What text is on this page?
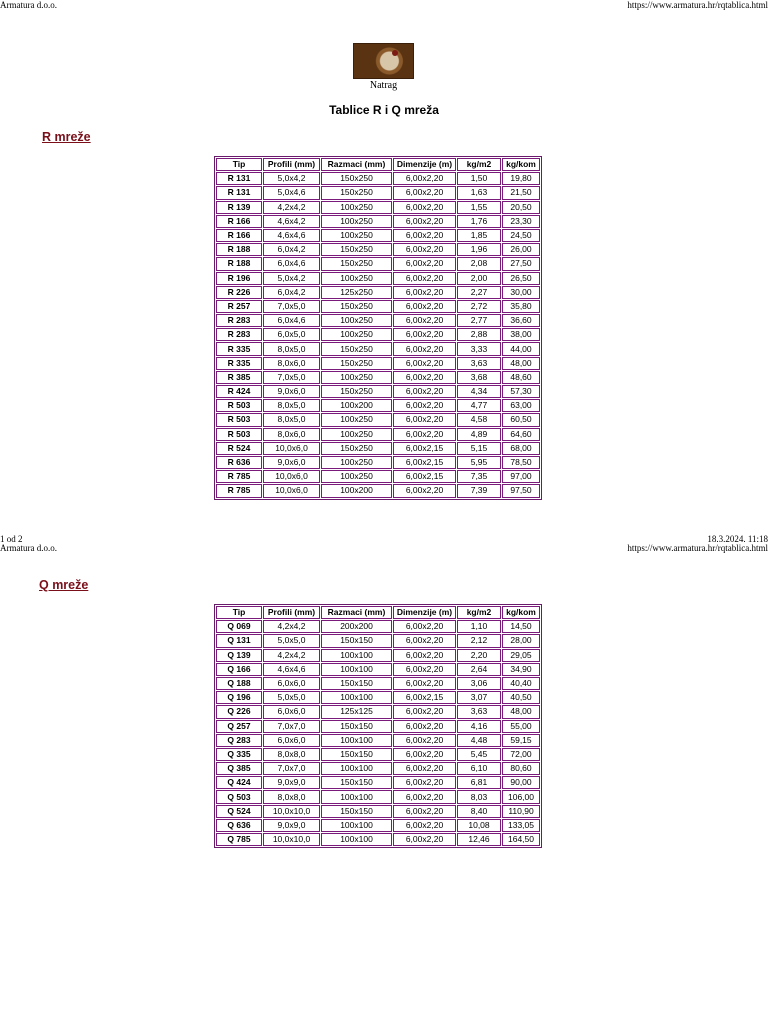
Armatura d.o.o.	https://www.armatura.hr/rqtablica.html
Natrag
Tablice R i Q mreža
R mreže
Tip	Profili (mm)	Razmaci (mm)	Dimenzije (m)	kg/m2	kg/kom
R 131	5,0x4,2	150x250	6,00x2,20	1,50	19,80
R 131	5,0x4,6	150x250	6,00x2,20	1,63	21,50
R 139	4,2x4,2	100x250	6,00x2,20	1,55	20,50
R 166	4,6x4,2	100x250	6,00x2,20	1,76	23,30
R 166	4,6x4,6	100x250	6,00x2,20	1,85	24,50
R 188	6,0x4,2	150x250	6,00x2,20	1,96	26,00
R 188	6,0x4,6	150x250	6,00x2,20	2,08	27,50
R 196	5,0x4,2	100x250	6,00x2,20	2,00	26,50
R 226	6,0x4,2	125x250	6,00x2,20	2,27	30,00
R 257	7,0x5,0	150x250	6,00x2,20	2,72	35,80
R 283	6,0x4,6	100x250	6,00x2,20	2,77	36,60
R 283	6,0x5,0	100x250	6,00x2,20	2,88	38,00
R 335	8,0x5,0	150x250	6,00x2,20	3,33	44,00
R 335	8,0x6,0	150x250	6,00x2,20	3,63	48,00
R 385	7,0x5,0	100x250	6,00x2,20	3,68	48,60
R 424	9,0x6,0	150x250	6,00x2,20	4,34	57,30
R 503	8,0x5,0	100x200	6,00x2,20	4,77	63,00
R 503	8,0x5,0	100x250	6,00x2,20	4,58	60,50
R 503	8,0x6,0	100x250	6,00x2,20	4,89	64,60
R 524	10,0x6,0	150x250	6,00x2,15	5,15	68,00
R 636	9,0x6,0	100x250	6,00x2,15	5,95	78,50
R 785	10,0x6,0	100x250	6,00x2,15	7,35	97,00
R 785	10,0x6,0	100x200	6,00x2,20	7,39	97,50
1 od 2	18.3.2024. 11:18
Armatura d.o.o.	https://www.armatura.hr/rqtablica.html
Q mreže
Tip	Profili (mm)	Razmaci (mm)	Dimenzije (m)	kg/m2	kg/kom
Q 069	4,2x4,2	200x200	6,00x2,20	1,10	14,50
Q 131	5,0x5,0	150x150	6,00x2,20	2,12	28,00
Q 139	4,2x4,2	100x100	6,00x2,20	2,20	29,05
Q 166	4,6x4,6	100x100	6,00x2,20	2,64	34,90
Q 188	6,0x6,0	150x150	6,00x2,20	3,06	40,40
Q 196	5,0x5,0	100x100	6,00x2,15	3,07	40,50
Q 226	6,0x6,0	125x125	6,00x2,20	3,63	48,00
Q 257	7,0x7,0	150x150	6,00x2,20	4,16	55,00
Q 283	6,0x6,0	100x100	6,00x2,20	4,48	59,15
Q 335	8,0x8,0	150x150	6,00x2,20	5,45	72,00
Q 385	7,0x7,0	100x100	6,00x2,20	6,10	80,60
Q 424	9,0x9,0	150x150	6,00x2,20	6,81	90,00
Q 503	8,0x8,0	100x100	6,00x2,20	8,03	106,00
Q 524	10,0x10,0	150x150	6,00x2,20	8,40	110,90
Q 636	9,0x9,0	100x100	6,00x2,20	10,08	133,05
Q 785	10,0x10,0	100x100	6,00x2,20	12,46	164,50
